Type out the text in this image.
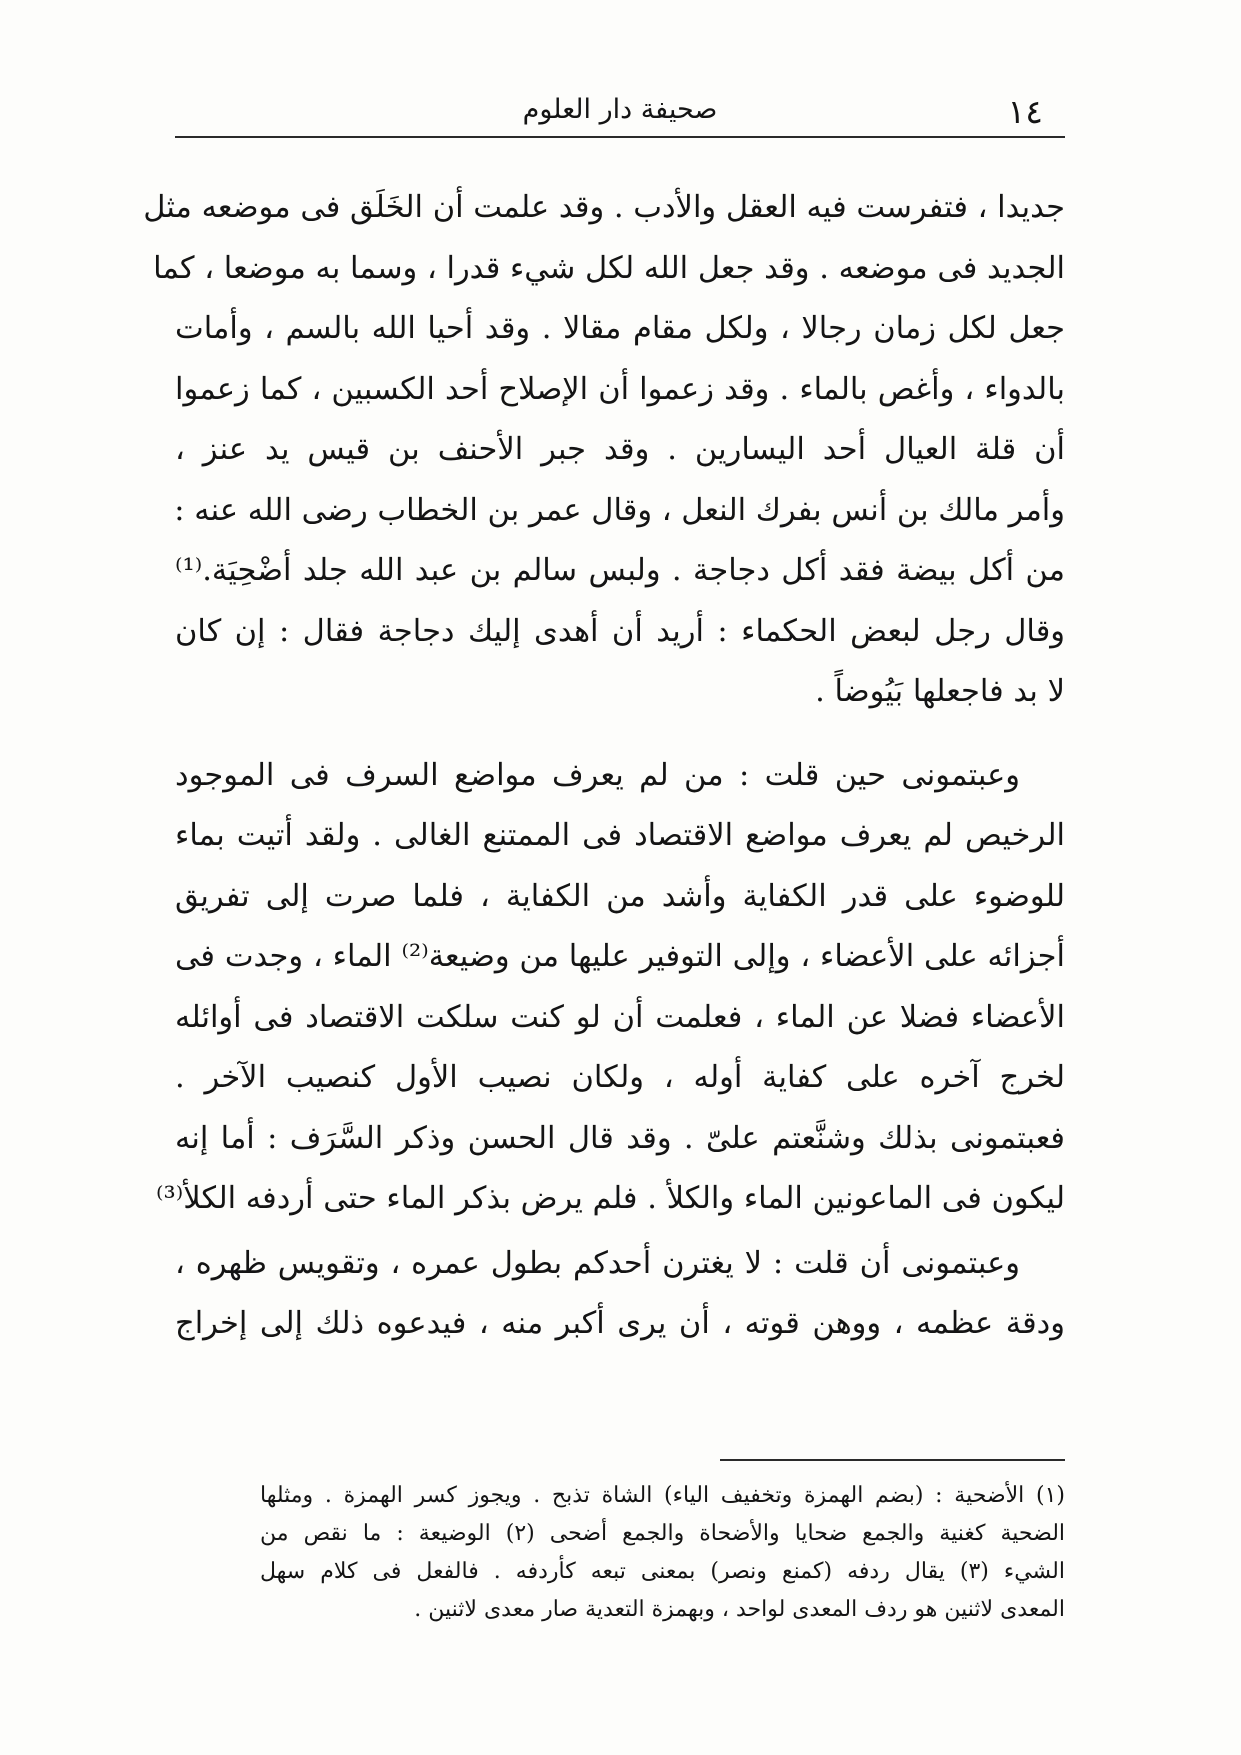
١٤
صحيفة دار العلوم
جديدا ، فتفرست فيه العقل والأدب . وقد علمت أن الخَلَق فى موضعه مثل
الجديد فى موضعه . وقد جعل الله لكل شيء قدرا ، وسما به موضعا ، كما
جعل لكل زمان رجالا ، ولكل مقام مقالا . وقد أحيا الله بالسم ، وأمات
بالدواء ، وأغص بالماء . وقد زعموا أن الإصلاح أحد الكسبين ، كما زعموا
أن قلة العيال أحد اليسارين . وقد جبر الأحنف بن قيس يد عنز ،
وأمر مالك بن أنس بفرك النعل ، وقال عمر بن الخطاب رضى الله عنه :
من أكل بيضة فقد أكل دجاجة . ولبس سالم بن عبد الله جلد أضْحِيَة.⁽¹⁾
وقال رجل لبعض الحكماء : أريد أن أهدى إليك دجاجة فقال : إن كان
لا بد فاجعلها بَيُوضاً .
وعبتمونى حين قلت : من لم يعرف مواضع السرف فى الموجود
الرخيص لم يعرف مواضع الاقتصاد فى الممتنع الغالى . ولقد أتيت بماء
للوضوء على قدر الكفاية وأشد من الكفاية ، فلما صرت إلى تفريق
أجزائه على الأعضاء ، وإلى التوفير عليها من وضيعة⁽²⁾ الماء ، وجدت فى
الأعضاء فضلا عن الماء ، فعلمت أن لو كنت سلكت الاقتصاد فى أوائله
لخرج آخره على كفاية أوله ، ولكان نصيب الأول كنصيب الآخر .
فعبتمونى بذلك وشنَّعتم علىّ . وقد قال الحسن وذكر السَّرَف : أما إنه
ليكون فى الماعونين الماء والكلأ . فلم يرض بذكر الماء حتى أردفه الكلأ⁽³⁾
وعبتمونى أن قلت : لا يغترن أحدكم بطول عمره ، وتقويس ظهره ،
ودقة عظمه ، ووهن قوته ، أن يرى أكبر منه ، فيدعوه ذلك إلى إخراج
(١) الأضحية : (بضم الهمزة وتخفيف الياء) الشاة تذبح . ويجوز كسر الهمزة . ومثلها
الضحية كغنية والجمع ضحايا والأضحاة والجمع أضحى (٢) الوضيعة : ما نقص من
الشيء (٣) يقال ردفه (كمنع ونصر) بمعنى تبعه كأردفه . فالفعل فى كلام سهل
المعدى لاثنين هو ردف المعدى لواحد ، وبهمزة التعدية صار معدى لاثنين .
